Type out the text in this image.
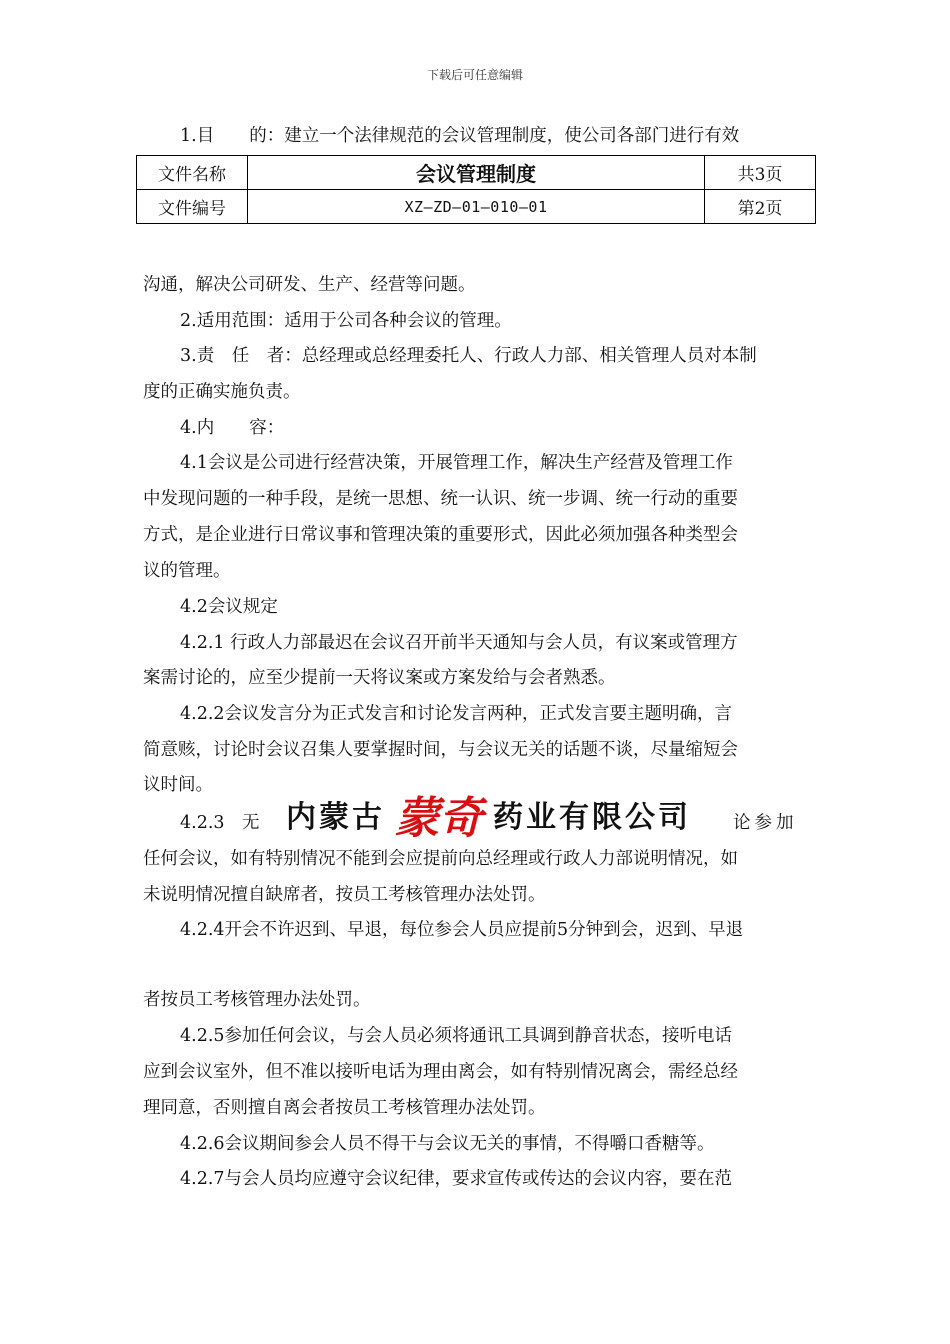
下载后可任意编辑
1.目　　的：建立一个法律规范的会议管理制度，使公司各部门进行有效
文件名称	会议管理制度	共3页
文件编号	XZ—ZD—01—010—01	第2页
沟通，解决公司研发、生产、经营等问题。
2.适用范围：适用于公司各种会议的管理。
3.责　任　者：总经理或总经理委托人、行政人力部、相关管理人员对本制
度的正确实施负责。
4.内　　容：
4.1会议是公司进行经营决策，开展管理工作，解决生产经营及管理工作
中发现问题的一种手段，是统一思想、统一认识、统一步调、统一行动的重要
方式，是企业进行日常议事和管理决策的重要形式，因此必须加强各种类型会
议的管理。
4.2会议规定
4.2.1 行政人力部最迟在会议召开前半天通知与会人员，有议案或管理方
案需讨论的，应至少提前一天将议案或方案发给与会者熟悉。
4.2.2会议发言分为正式发言和讨论发言两种，正式发言要主题明确，言
简意赅，讨论时会议召集人要掌握时间，与会议无关的话题不谈，尽量缩短会
议时间。
4.2.3　无 内蒙古 蒙奇 药业有限公司 论参加
任何会议，如有特别情况不能到会应提前向总经理或行政人力部说明情况，如
未说明情况擅自缺席者，按员工考核管理办法处罚。
4.2.4开会不许迟到、早退，每位参会人员应提前5分钟到会，迟到、早退
者按员工考核管理办法处罚。
4.2.5参加任何会议，与会人员必须将通讯工具调到静音状态，接听电话
应到会议室外，但不准以接听电话为理由离会，如有特别情况离会，需经总经
理同意，否则擅自离会者按员工考核管理办法处罚。
4.2.6会议期间参会人员不得干与会议无关的事情，不得嚼口香糖等。
4.2.7与会人员均应遵守会议纪律，要求宣传或传达的会议内容，要在范
